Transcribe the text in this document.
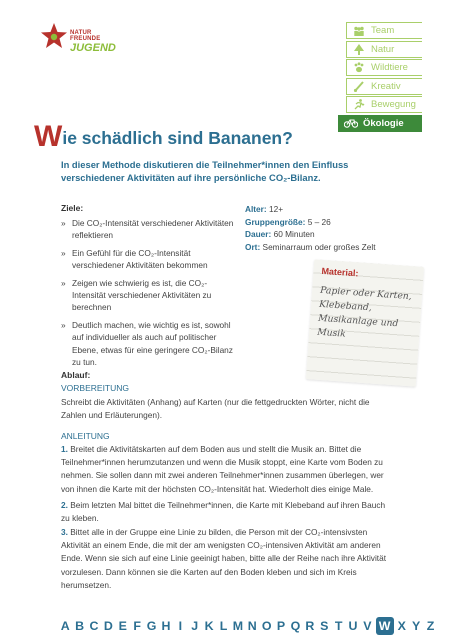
NATUR
FREUNDE
JUGEND
Team
Natur
Wildtiere
Kreativ
Bewegung
Ökologie
Wie schädlich sind Bananen?
In dieser Methode diskutieren die Teilnehmer*innen den Einfluss verschiedener Aktivitäten auf ihre persönliche CO₂-Bilanz.
Ziele:
» Die CO₂-Intensität verschiedener Aktivitäten reflektieren
» Ein Gefühl für die CO₂-Intensität verschiedener Aktivitäten bekommen
» Zeigen wie schwierig es ist, die CO₂-Intensität verschiedener Aktivitäten zu berechnen
» Deutlich machen, wie wichtig es ist, sowohl auf individueller als auch auf politischer Ebene, etwas für eine geringere CO₂-Bilanz zu tun.
Alter: 12+
Gruppengröße: 5 – 26
Dauer: 60 Minuten
Ort: Seminarraum oder großes Zelt
Material:
Papier oder Karten, Klebeband, Musikanlage und Musik
Ablauf:
VORBEREITUNG
Schreibt die Aktivitäten (Anhang) auf Karten (nur die fettgedruckten Wörter, nicht die Zahlen und Erläuterungen).
ANLEITUNG
1. Breitet die Aktivitätskarten auf dem Boden aus und stellt die Musik an. Bittet die Teilnehmer*innen herumzutanzen und wenn die Musik stoppt, eine Karte vom Boden zu nehmen. Sie sollen dann mit zwei anderen Teilnehmer*innen zusammen überlegen, wer von ihnen die Karte mit der höchsten CO₂-Intensität hat. Wiederholt dies einige Male.
2. Beim letzten Mal bittet die Teilnehmer*innen, die Karte mit Klebeband auf ihren Bauch zu kleben.
3. Bittet alle in der Gruppe eine Linie zu bilden, die Person mit der CO₂-intensivsten Aktivität an einem Ende, die mit der am wenigsten CO₂-intensiven Aktivität am anderen Ende. Wenn sie sich auf eine Linie geeinigt haben, bitte alle der Reihe nach ihre Aktivität vorzulesen. Dann können sie die Karten auf den Boden kleben und sich im Kreis herumsetzen.
A B C D E F G H I J K L M N O P Q R S T U V W X Y Z
